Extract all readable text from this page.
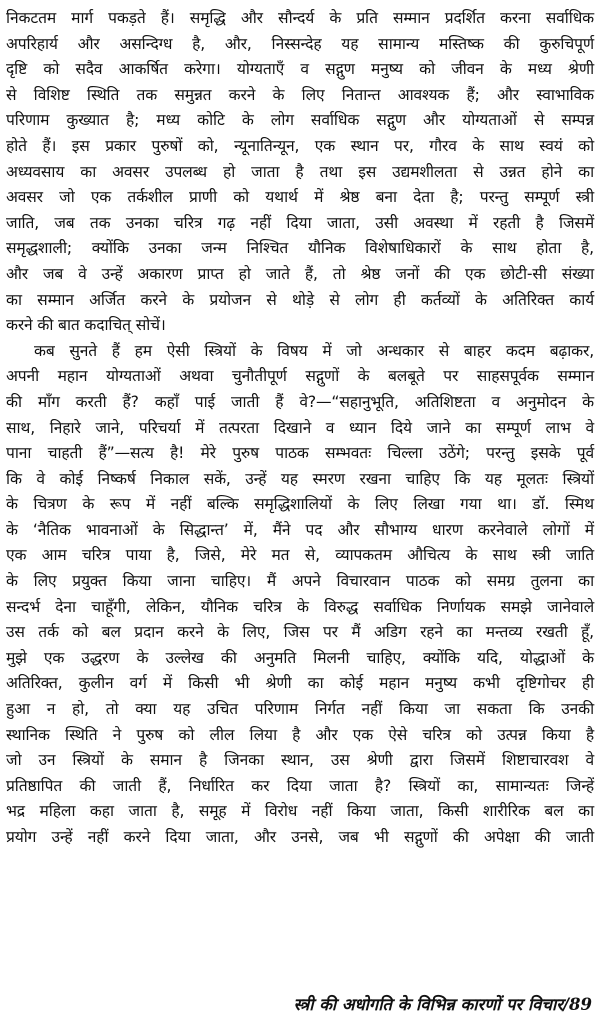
निकटतम मार्ग पकड़ते हैं। समृद्धि और सौन्दर्य के प्रति सम्मान प्रदर्शित करना सर्वाधिक
अपरिहार्य और असन्दिग्ध है, और, निस्सन्देह यह सामान्य मस्तिष्क की कुरुचिपूर्ण
दृष्टि को सदैव आकर्षित करेगा। योग्यताएँ व सद्गुण मनुष्य को जीवन के मध्य श्रेणी
से विशिष्ट स्थिति तक समुन्नत करने के लिए नितान्त आवश्यक हैं; और स्वाभाविक
परिणाम कुख्यात है; मध्य कोटि के लोग सर्वाधिक सद्गुण और योग्यताओं से सम्पन्न
होते हैं। इस प्रकार पुरुषों को, न्यूनातिन्यून, एक स्थान पर, गौरव के साथ स्वयं को
अध्यवसाय का अवसर उपलब्ध हो जाता है तथा इस उद्यमशीलता से उन्नत होने का
अवसर जो एक तर्कशील प्राणी को यथार्थ में श्रेष्ठ बना देता है; परन्तु सम्पूर्ण स्त्री
जाति, जब तक उनका चरित्र गढ़ नहीं दिया जाता, उसी अवस्था में रहती है जिसमें
समृद्धशाली; क्योंकि उनका जन्म निश्चित यौनिक विशेषाधिकारों के साथ होता है,
और जब वे उन्हें अकारण प्राप्त हो जाते हैं, तो श्रेष्ठ जनों की एक छोटी-सी संख्या
का सम्मान अर्जित करने के प्रयोजन से थोड़े से लोग ही कर्तव्यों के अतिरिक्त कार्य
करने की बात कदाचित् सोचें।
कब सुनते हैं हम ऐसी स्त्रियों के विषय में जो अन्धकार से बाहर कदम बढ़ाकर,
अपनी महान योग्यताओं अथवा चुनौतीपूर्ण सद्गुणों के बलबूते पर साहसपूर्वक सम्मान
की माँग करती हैं? कहाँ पाई जाती हैं वे?—“सहानुभूति, अतिशिष्टता व अनुमोदन के
साथ, निहारे जाने, परिचर्या में तत्परता दिखाने व ध्यान दिये जाने का सम्पूर्ण लाभ वे
पाना चाहती हैं”—सत्य है! मेरे पुरुष पाठक सम्भवतः चिल्ला उठेंगे; परन्तु इसके पूर्व
कि वे कोई निष्कर्ष निकाल सकें, उन्हें यह स्मरण रखना चाहिए कि यह मूलतः स्त्रियों
के चित्रण के रूप में नहीं बल्कि समृद्धिशालियों के लिए लिखा गया था। डॉ. स्मिथ
के ‘नैतिक भावनाओं के सिद्धान्त’ में, मैंने पद और सौभाग्य धारण करनेवाले लोगों में
एक आम चरित्र पाया है, जिसे, मेरे मत से, व्यापकतम औचित्य के साथ स्त्री जाति
के लिए प्रयुक्त किया जाना चाहिए। मैं अपने विचारवान पाठक को समग्र तुलना का
सन्दर्भ देना चाहूँगी, लेकिन, यौनिक चरित्र के विरुद्ध सर्वाधिक निर्णायक समझे जानेवाले
उस तर्क को बल प्रदान करने के लिए, जिस पर मैं अडिग रहने का मन्तव्य रखती हूँ,
मुझे एक उद्धरण के उल्लेख की अनुमति मिलनी चाहिए, क्योंकि यदि, योद्धाओं के
अतिरिक्त, कुलीन वर्ग में किसी भी श्रेणी का कोई महान मनुष्य कभी दृष्टिगोचर ही
हुआ न हो, तो क्या यह उचित परिणाम निर्गत नहीं किया जा सकता कि उनकी
स्थानिक स्थिति ने पुरुष को लील लिया है और एक ऐसे चरित्र को उत्पन्न किया है
जो उन स्त्रियों के समान है जिनका स्थान, उस श्रेणी द्वारा जिसमें शिष्टाचारवश वे
प्रतिष्ठापित की जाती हैं, निर्धारित कर दिया जाता है? स्त्रियों का, सामान्यतः जिन्हें
भद्र महिला कहा जाता है, समूह में विरोध नहीं किया जाता, किसी शारीरिक बल का
प्रयोग उन्हें नहीं करने दिया जाता, और उनसे, जब भी सद्गुणों की अपेक्षा की जाती
स्त्री की अधोगति के विभिन्न कारणों पर विचार/89
